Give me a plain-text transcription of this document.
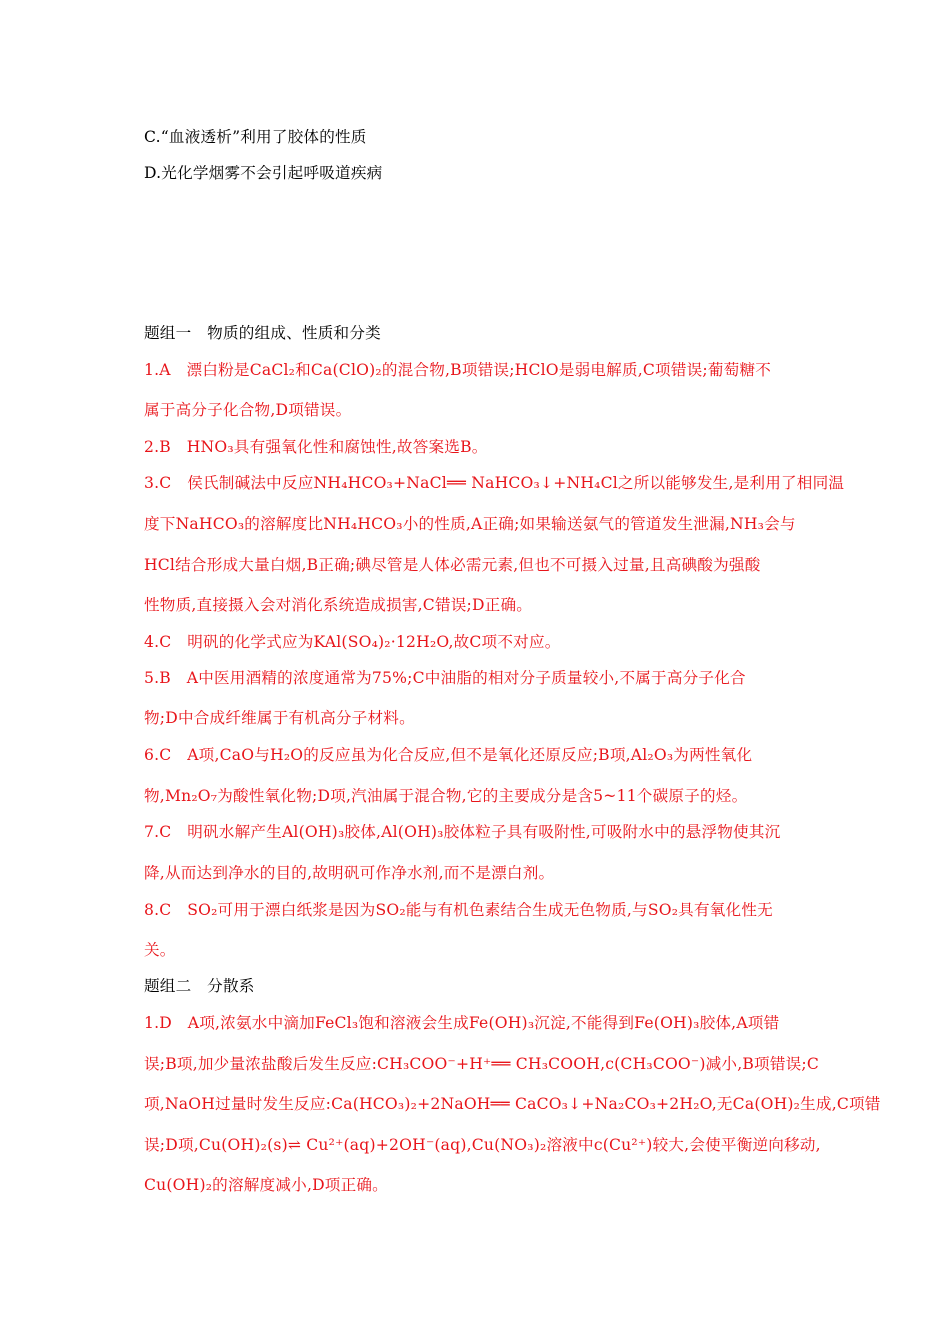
C.“血液透析”利用了胶体的性质
D.光化学烟雾不会引起呼吸道疾病
题组一　物质的组成、性质和分类
1.A　漂白粉是CaCl₂和Ca(ClO)₂的混合物,B项错误;HClO是弱电解质,C项错误;葡萄糖不
属于高分子化合物,D项错误。
2.B　HNO₃具有强氧化性和腐蚀性,故答案选B。
3.C　侯氏制碱法中反应NH₄HCO₃+NaCl══ NaHCO₃↓+NH₄Cl之所以能够发生,是利用了相同温
度下NaHCO₃的溶解度比NH₄HCO₃小的性质,A正确;如果输送氨气的管道发生泄漏,NH₃会与
HCl结合形成大量白烟,B正确;碘尽管是人体必需元素,但也不可摄入过量,且高碘酸为强酸
性物质,直接摄入会对消化系统造成损害,C错误;D正确。
4.C　明矾的化学式应为KAl(SO₄)₂·12H₂O,故C项不对应。
5.B　A中医用酒精的浓度通常为75%;C中油脂的相对分子质量较小,不属于高分子化合
物;D中合成纤维属于有机高分子材料。
6.C　A项,CaO与H₂O的反应虽为化合反应,但不是氧化还原反应;B项,Al₂O₃为两性氧化
物,Mn₂O₇为酸性氧化物;D项,汽油属于混合物,它的主要成分是含5~11个碳原子的烃。
7.C　明矾水解产生Al(OH)₃胶体,Al(OH)₃胶体粒子具有吸附性,可吸附水中的悬浮物使其沉
降,从而达到净水的目的,故明矾可作净水剂,而不是漂白剂。
8.C　SO₂可用于漂白纸浆是因为SO₂能与有机色素结合生成无色物质,与SO₂具有氧化性无
关。
题组二　分散系
1.D　A项,浓氨水中滴加FeCl₃饱和溶液会生成Fe(OH)₃沉淀,不能得到Fe(OH)₃胶体,A项错
误;B项,加少量浓盐酸后发生反应:CH₃COO⁻+H⁺══ CH₃COOH,c(CH₃COO⁻)减小,B项错误;C
项,NaOH过量时发生反应:Ca(HCO₃)₂+2NaOH══ CaCO₃↓+Na₂CO₃+2H₂O,无Ca(OH)₂生成,C项错
误;D项,Cu(OH)₂(s)⇌ Cu²⁺(aq)+2OH⁻(aq),Cu(NO₃)₂溶液中c(Cu²⁺)较大,会使平衡逆向移动,
Cu(OH)₂的溶解度减小,D项正确。
